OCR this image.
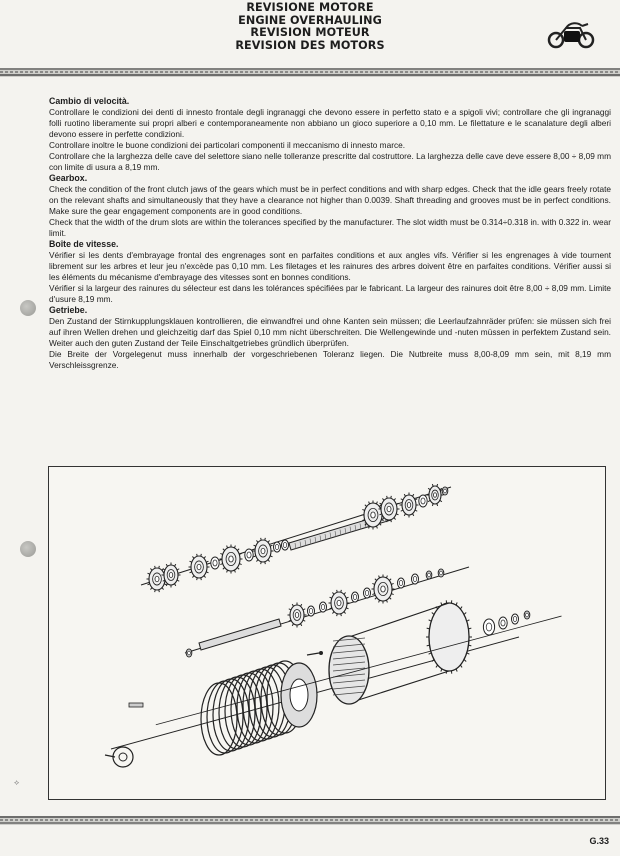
REVISIONE MOTORE
ENGINE OVERHAULING
REVISION MOTEUR
REVISION DES MOTORS
Cambio di velocità.

Controllare le condizioni dei denti di innesto frontale degli ingranaggi che devono essere in perfetto stato e a spigoli vivi; controllare che gli ingranaggi folli ruotino liberamente sui propri alberi e contemporaneamente non abbiano un gioco superiore a 0,10 mm. Le filettature e le scanalature degli alberi devono essere in perfette condizioni.

Controllare inoltre le buone condizioni dei particolari componenti il meccanismo di innesto marce.

Controllare che la larghezza delle cave del selettore siano nelle tolleranze prescritte dal costruttore. La larghezza delle cave deve essere 8,00 ÷ 8,09 mm con limite di usura a 8,19 mm.

Gearbox.

Check the condition of the front clutch jaws of the gears which must be in perfect conditions and with sharp edges. Check that the idle gears freely rotate on the relevant shafts and simultaneously that they have a clearance not higher than 0.0039. Shaft threading and grooves must be in perfect conditions. Make sure the gear engagement components are in good conditions.

Check that the width of the drum slots are within the tolerances specified by the manufacturer. The slot width must be 0.314÷0.318 in. with 0.322 in. wear limit.

Boîte de vitesse.

Vérifier si les dents d'embrayage frontal des engrenages sont en parfaites conditions et aux angles vifs. Vérifier si les engrenages à vide tournent librement sur les arbres et leur jeu n'excède pas 0,10 mm. Les filetages et les rainures des arbres doivent être en parfaites conditions. Vérifier aussi si les éléments du mécanisme d'embrayage des vitesses sont en bonnes conditions.

Vérifier si la largeur des rainures du sélecteur est dans les tolérances spécifiées par le fabricant. La largeur des rainures doit être 8,00 ÷ 8,09 mm. Limite d'usure 8,19 mm.

Getriebe.

Den Zustand der Stirnkupplungsklauen kontrollieren, die einwandfrei und ohne Kanten sein müssen; die Leerlaufzahnräder prüfen: sie müssen sich frei auf ihren Wellen drehen und gleichzeitig darf das Spiel 0,10 mm nicht überschreiten. Die Wellengewinde und -nuten müssen in perfektem Zustand sein. Weiter auch den guten Zustand der Teile Einschaltgetriebes gründlich überprüfen.

Die Breite der Vorgelegenut muss innerhalb der vorgeschriebenen Toleranz liegen. Die Nutbreite muss 8,00-8,09 mm sein, mit 8,19 mm Verschleissgrenze.

⟡
G.33
